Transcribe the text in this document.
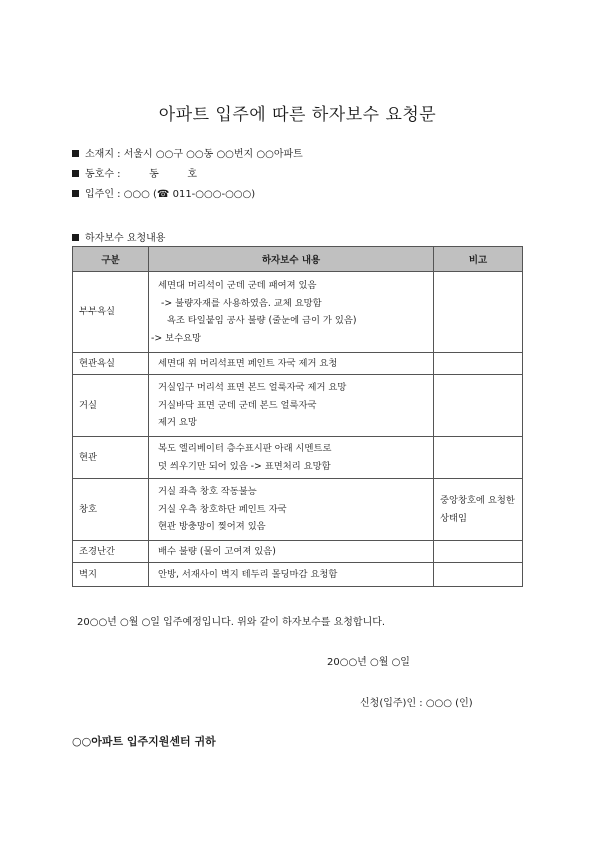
아파트 입주에 따른 하자보수 요청문
소재지 : 서울시 ○○구 ○○동 ○○번지 ○○아파트
동호수 :         동         호
입주인 : ○○○ (☎ 011-○○○-○○○)
하자보수 요청내용
구분	하자보수 내용	비고
부부욕실	세면대 머리석이 군데 군데 패여져 있음
-> 불량자재를 사용하였음. 교체 요망함
욕조 타일붙임 공사 불량 (줄눈에 금이 가 있음)
-> 보수요망	

현관욕실	세면대 위 머리석표면 페인트 자국 제거 요청	

거실	거실입구 머리석 표면 본드 얼룩자국 제거 요망
거실바닥 표면 군데 군데 본드 얼룩자국
제거 요망	

현관	복도 엘리베이터 층수표시판 아래 시멘트로
덧 씌우기만 되어 있음 -> 표면처리 요망함	

창호	거실 좌측 창호 작동불능
거실 우측 창호하단 페인트 자국
현관 방충망이 찢어져 있음	중앙창호에 요청한 상태임
조경난간	배수 불량 (물이 고여져 있음)	

벽지	안방, 서재사이 벽지 테두리 몰딩마감 요청함	

20○○년 ○월 ○일 입주예정입니다. 위와 같이 하자보수를 요청합니다.
20○○년 ○월 ○일
신청(입주)인 : ○○○ (인)
○○아파트 입주지원센터 귀하
